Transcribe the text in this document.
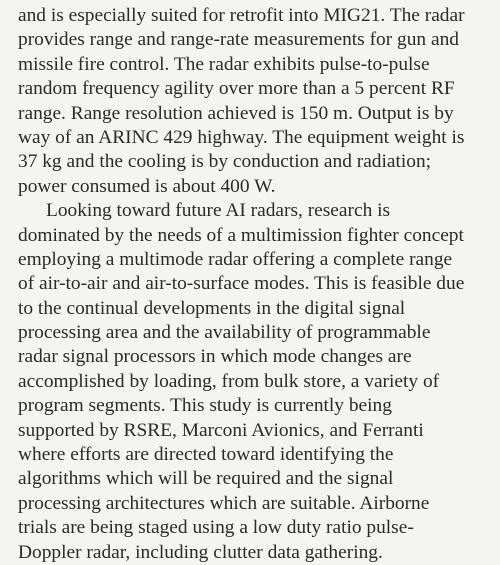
and is especially suited for retrofit into MIG21. The radar
provides range and range-rate measurements for gun and
missile fire control. The radar exhibits pulse-to-pulse
random frequency agility over more than a 5 percent RF
range. Range resolution achieved is 150 m. Output is by
way of an ARINC 429 highway. The equipment weight is
37 kg and the cooling is by conduction and radiation;
power consumed is about 400 W.
Looking toward future AI radars, research is
dominated by the needs of a multimission fighter concept
employing a multimode radar offering a complete range
of air-to-air and air-to-surface modes. This is feasible due
to the continual developments in the digital signal
processing area and the availability of programmable
radar signal processors in which mode changes are
accomplished by loading, from bulk store, a variety of
program segments. This study is currently being
supported by RSRE, Marconi Avionics, and Ferranti
where efforts are directed toward identifying the
algorithms which will be required and the signal
processing architectures which are suitable. Airborne
trials are being staged using a low duty ratio pulse-
Doppler radar, including clutter data gathering.
